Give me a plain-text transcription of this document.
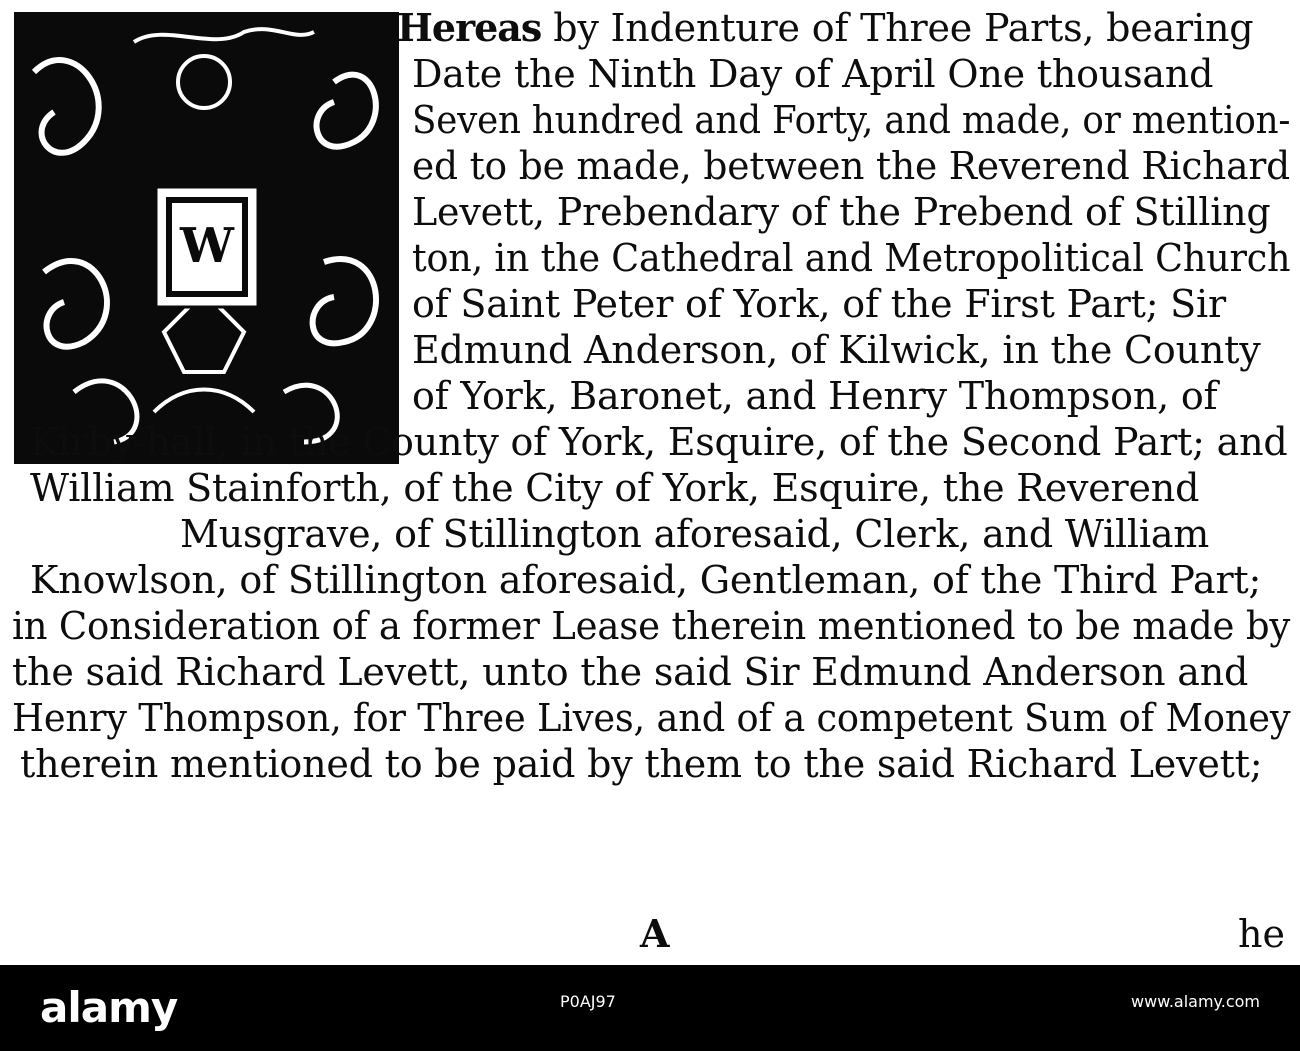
W
Hereas by Indenture of Three Parts, bearing
Date the Ninth Day of April One thousand
Seven hundred and Forty, and made, or mention-
ed to be made, between the Reverend Richard
Levett, Prebendary of the Prebend of Stilling
ton, in the Cathedral and Metropolitical Church
of Saint Peter of York, of the First Part; Sir
Edmund Anderson, of Kilwick, in the County
of York, Baronet, and Henry Thompson, of
Kirby-hall, in the County of York, Esquire, of the Second Part; and
William Stainforth, of the City of York, Esquire, the Reverend
Musgrave, of Stillington aforesaid, Clerk, and William
Knowlson, of Stillington aforesaid, Gentleman, of the Third Part;
in Consideration of a former Lease therein mentioned to be made by
the said Richard Levett, unto the said Sir Edmund Anderson and
Henry Thompson, for Three Lives, and of a competent Sum of Money
therein mentioned to be paid by them to the said Richard Levett;
A	he
alamy	P0AJ97	www.alamy.com
